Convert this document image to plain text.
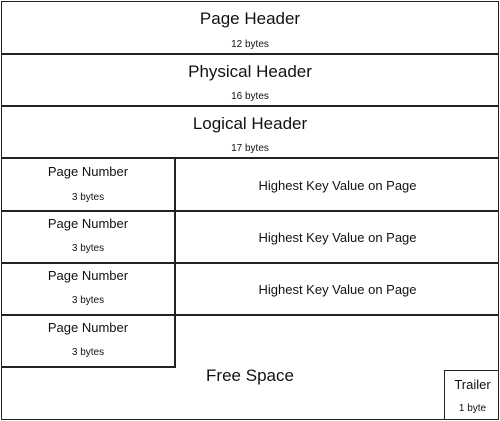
Page Header
12 bytes
Physical Header
16 bytes
Logical Header
17 bytes
Page Number
3 bytes
Highest Key Value on Page
Page Number
3 bytes
Highest Key Value on Page
Page Number
3 bytes
Highest Key Value on Page
Page Number
3 bytes
Free Space	Trailer
1 byte
